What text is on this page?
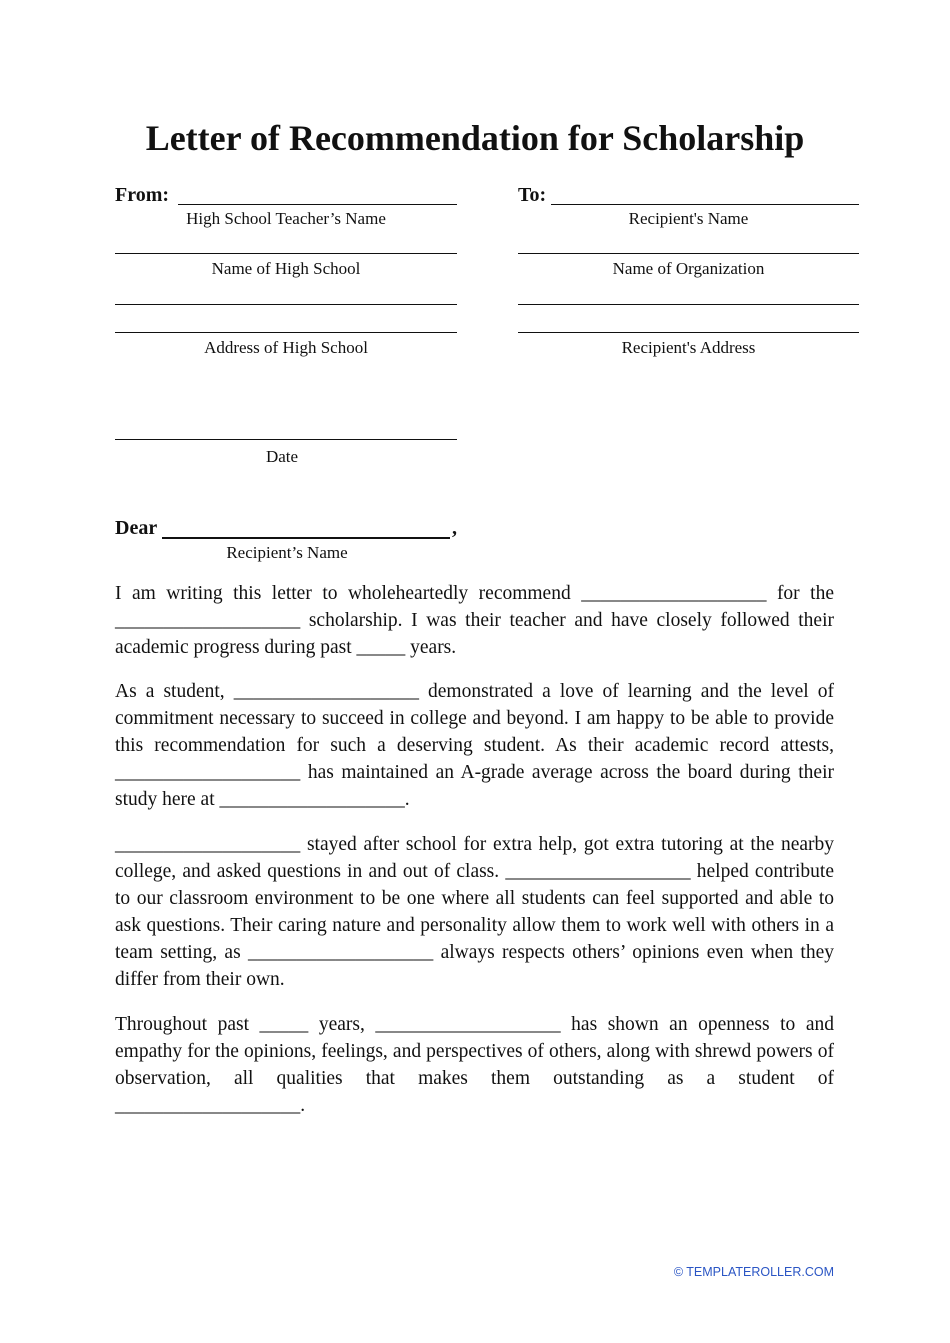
Letter of Recommendation for Scholarship
From:
High School Teacher’s Name
Name of High School
Address of High School
To:
Recipient's Name
Name of Organization
Recipient's Address
Date
Dear	,
Recipient’s Name

I am writing this letter to wholeheartedly recommend ___________________ for the ___________________ scholarship. I was their teacher and have closely followed their academic progress during past _____ years.

As a student, ___________________ demonstrated a love of learning and the level of commitment necessary to succeed in college and beyond. I am happy to be able to provide this recommendation for such a deserving student. As their academic record attests, ___________________ has maintained an A-grade average across the board during their study here at ___________________.

___________________ stayed after school for extra help, got extra tutoring at the nearby college, and asked questions in and out of class. ___________________ helped contribute to our classroom environment to be one where all students can feel supported and able to ask questions. Their caring nature and personality allow them to work well with others in a team setting, as ___________________ always respects others’ opinions even when they differ from their own.

Throughout past _____ years, ___________________ has shown an openness to and empathy for the opinions, feelings, and perspectives of others, along with shrewd powers of observation, all qualities that makes them outstanding as a student of ___________________.

© TEMPLATEROLLER.COM
